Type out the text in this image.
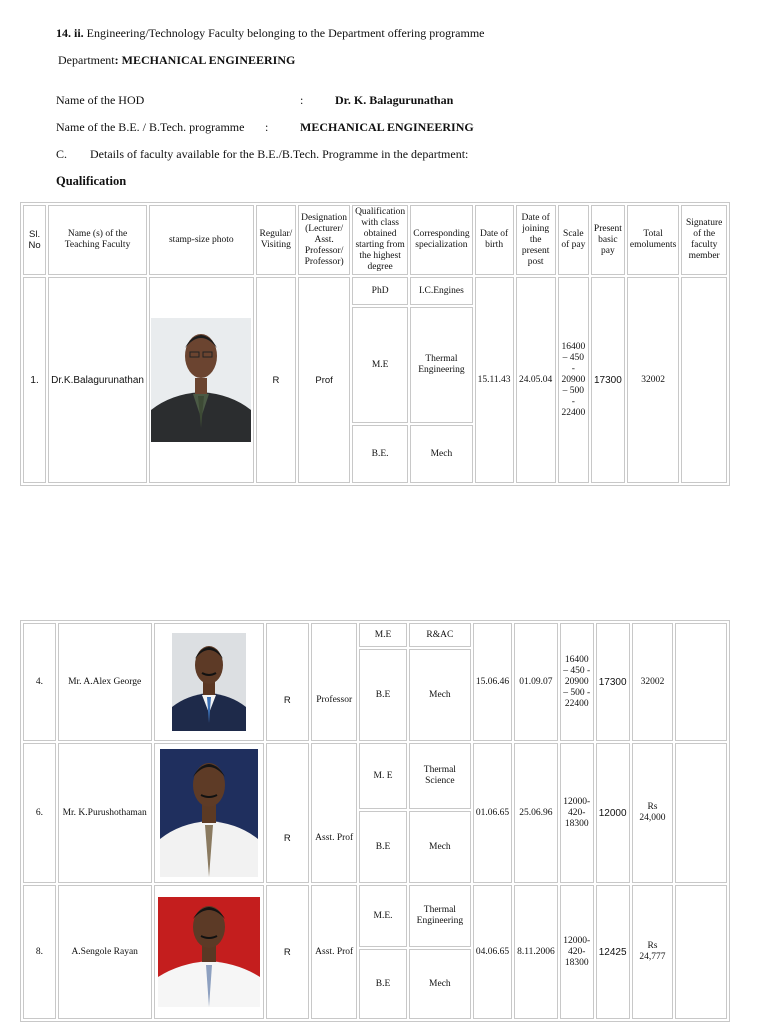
14. ii. Engineering/Technology Faculty belonging to the Department offering programme
Department: MECHANICAL ENGINEERING
Name of the HOD	:	Dr. K. Balagurunathan
Name of the B.E. / B.Tech. programme :	MECHANICAL ENGINEERING
C. Details of faculty available for the B.E./B.Tech. Programme in the department:
Qualification
Sl. No	Name (s) of the Teaching Faculty	stamp-size photo	Regular/ Visiting	Designation (Lecturer/ Asst. Professor/ Professor)	Qualification with class obtained starting from the highest degree	Corresponding specialization	Date of birth	Date of joining the present post	Scale of pay	Present basic pay	Total emoluments	Signature of the faculty member
1.	Dr.K.Balagurunathan		R	Prof	PhD	I.C.Engines	15.11.43	24.05.04	16400 – 450 - 20900 – 500 - 22400	17300	32002	
					M.E	Thermal Engineering						
					B.E.	Mech						
4.	Mr. A.Alex George		R	Professor	M.E	R&AC	15.06.46	01.09.07	16400 – 450 - 20900 – 500 - 22400	17300	32002	
					B.E	Mech						
6.	Mr. K.Purushothaman		R	Asst. Prof	M. E	Thermal Science	01.06.65	25.06.96	12000- 420- 18300	12000	Rs 24,000	
					B.E	Mech						
8.	A.Sengole Rayan		R	Asst. Prof	M.E.	Thermal Engineering	04.06.65	8.11.2006	12000- 420- 18300	12425	Rs 24,777	
					B.E	Mech						
